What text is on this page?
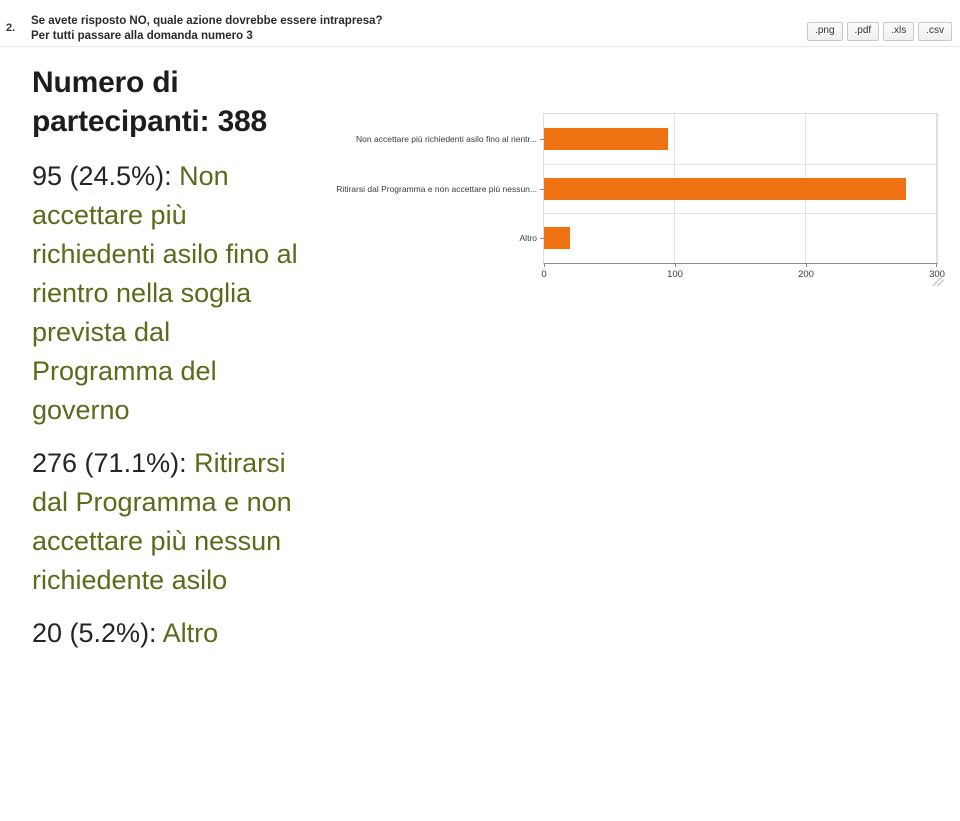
2.
Se avete risposto NO, quale azione dovrebbe essere intrapresa?
Per tutti passare alla domanda numero 3	.png	.pdf	.xls	.csv
Numero di partecipanti: 388
95 (24.5%): Non accettare più richiedenti asilo fino al rientro nella soglia prevista dal Programma del governo
276 (71.1%): Ritirarsi dal Programma e non accettare più nessun richiedente asilo
20 (5.2%): Altro
0	100	200	300
Non accettare più richiedenti asilo fino al rientr...
Ritirarsi dal Programma e non accettare più nessun...
Altro
